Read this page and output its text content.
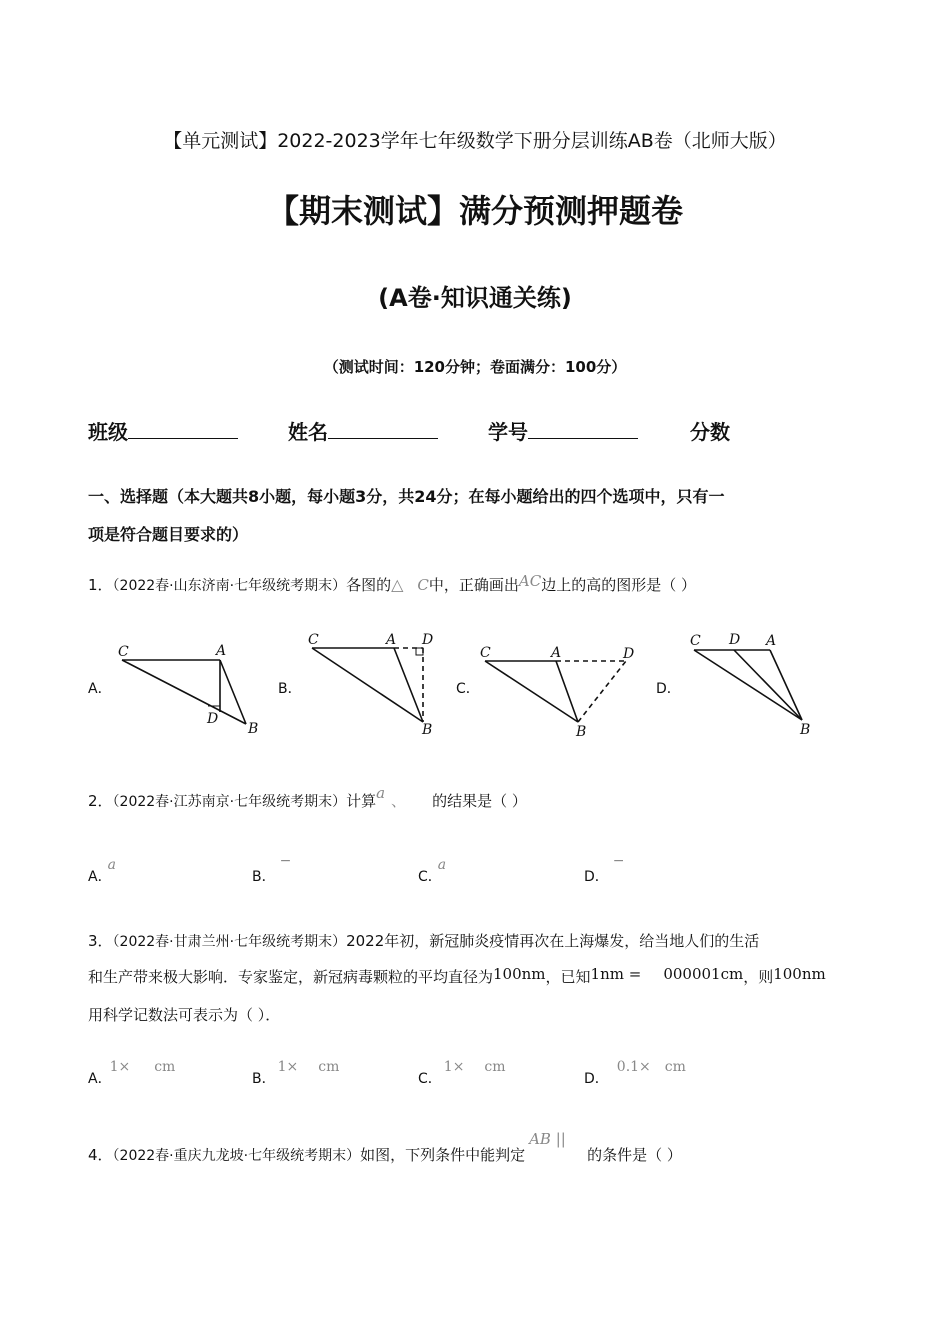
【单元测试】2022-2023学年七年级数学下册分层训练AB卷（北师大版）
【期末测试】满分预测押题卷
(A卷·知识通关练)
（测试时间：120分钟；卷面满分：100分）
班级	姓名	学号	分数
一、选择题（本大题共8小题，每小题3分，共24分；在每小题给出的四个选项中，只有一
项是符合题目要求的）
1．（2022春·山东济南·七年级统考期末）各图的△ C中，正确画出AC边上的高的图形是（ ）
A．	B．	C．	D．
C	A
D
B
C	A D
B
C	A	D
B
C D A
B
2．（2022春·江苏南京·七年级统考期末）计算a 、 的结果是（ ）
A．a
B．−
C．a
D．−
3．（2022春·甘肃兰州·七年级统考期末）2022年初，新冠肺炎疫情再次在上海爆发，给当地人们的生活
和生产带来极大影响．专家鉴定，新冠病毒颗粒的平均直径为100nm，已知1nm = 000001cm，则100nm
用科学记数法可表示为（ ）．
A．1× cm
B．1× cm
C．1× cm
D．0.1× cm
4．（2022春·重庆九龙坡·七年级统考期末）如图，下列条件中能判定AB ||的条件是（ ）
